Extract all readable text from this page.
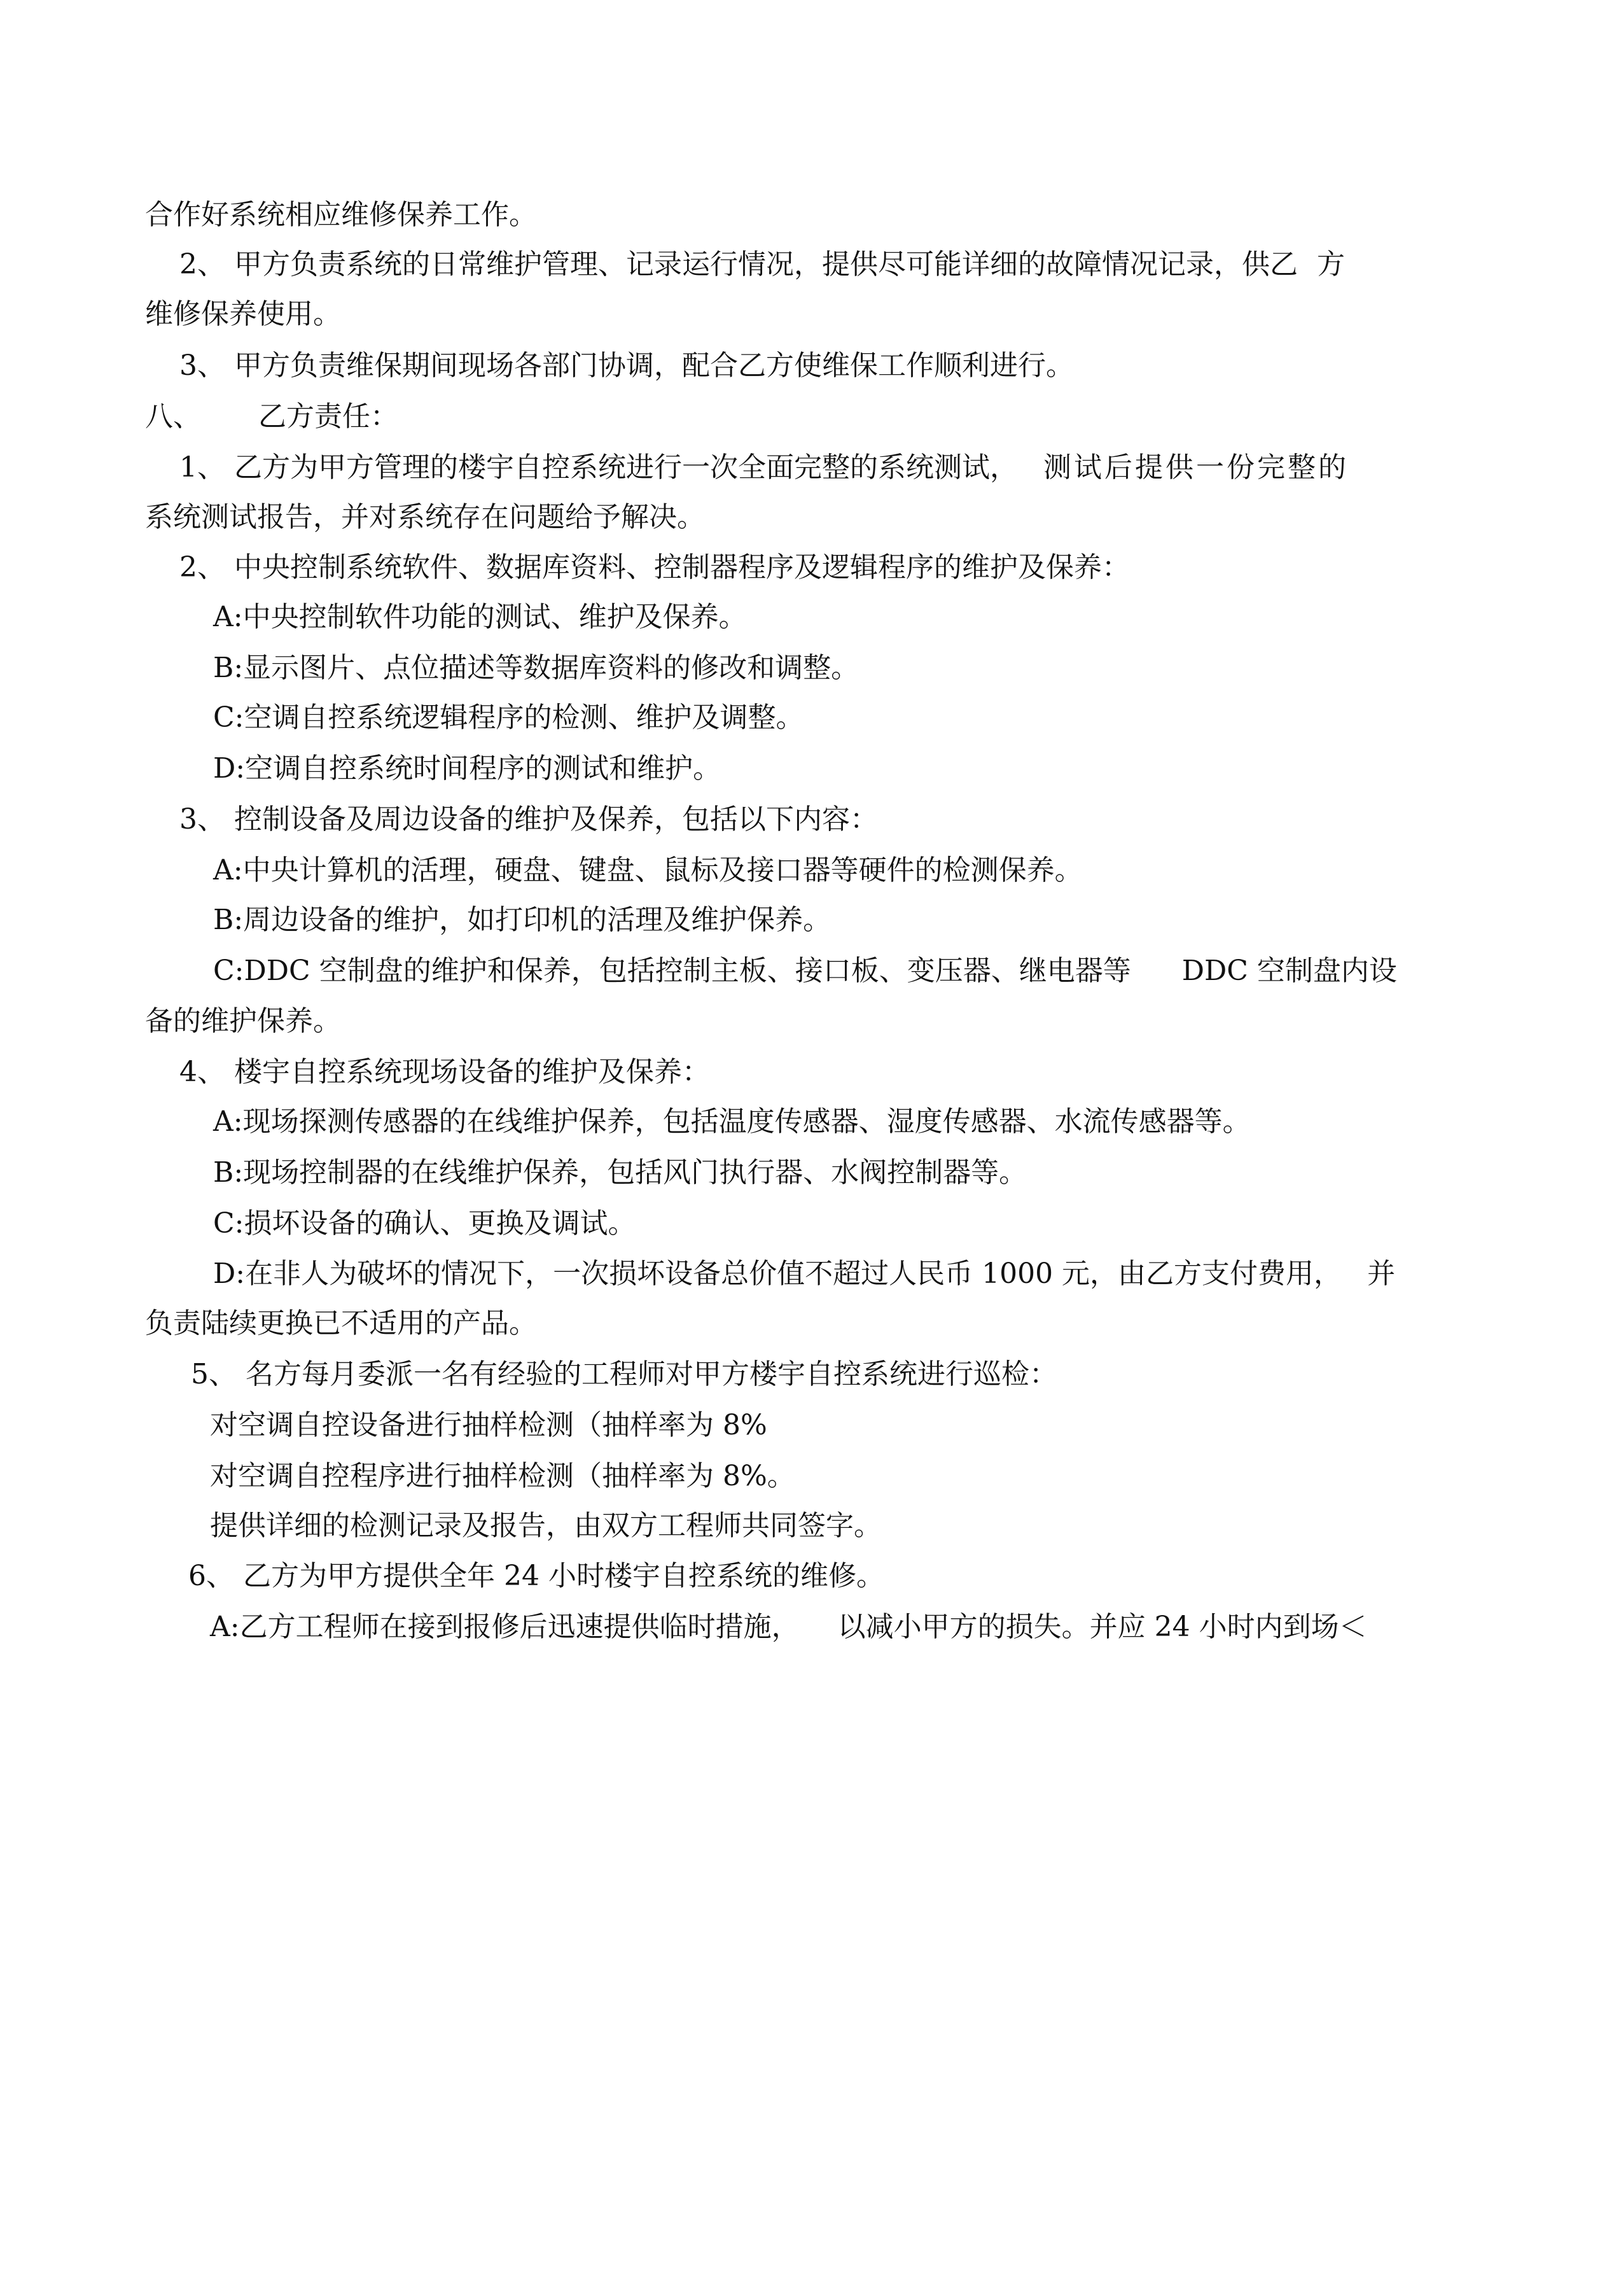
合作好系统相应维修保养工作。
2、 甲方负责系统的日常维护管理、记录运行情况，提供尽可能详细的故障情况记录，供乙 方
维修保养使用。
3、 甲方负责维保期间现场各部门协调，配合乙方使维保工作顺利进行。
八、 乙方责任：
1、 乙方为甲方管理的楼宇自控系统进行一次全面完整的系统测试， 测试后提供一份完整的
系统测试报告，并对系统存在问题给予解决。
2、 中央控制系统软件、数据库资料、控制器程序及逻辑程序的维护及保养：
A:中央控制软件功能的测试、维护及保养。
B:显示图片、点位描述等数据库资料的修改和调整。
C:空调自控系统逻辑程序的检测、维护及调整。
D:空调自控系统时间程序的测试和维护。
3、 控制设备及周边设备的维护及保养，包括以下内容：
A:中央计算机的活理，硬盘、键盘、鼠标及接口器等硬件的检测保养。
B:周边设备的维护，如打印机的活理及维护保养。
C:DDC 空制盘的维护和保养，包括控制主板、接口板、变压器、继电器等 DDC 空制盘内设
备的维护保养。
4、 楼宇自控系统现场设备的维护及保养：
A:现场探测传感器的在线维护保养，包括温度传感器、湿度传感器、水流传感器等。
B:现场控制器的在线维护保养，包括风门执行器、水阀控制器等。
C:损坏设备的确认、更换及调试。
D:在非人为破坏的情况下，一次损坏设备总价值不超过人民币 1000 元，由乙方支付费用， 并
负责陆续更换已不适用的产品。
5、 名方每月委派一名有经验的工程师对甲方楼宇自控系统进行巡检：
对空调自控设备进行抽样检测（抽样率为 8%
对空调自控程序进行抽样检测（抽样率为 8%。
提供详细的检测记录及报告，由双方工程师共同签字。
6、 乙方为甲方提供全年 24 小时楼宇自控系统的维修。
A:乙方工程师在接到报修后迅速提供临时措施， 以减小甲方的损失。并应 24 小时内到场＜
